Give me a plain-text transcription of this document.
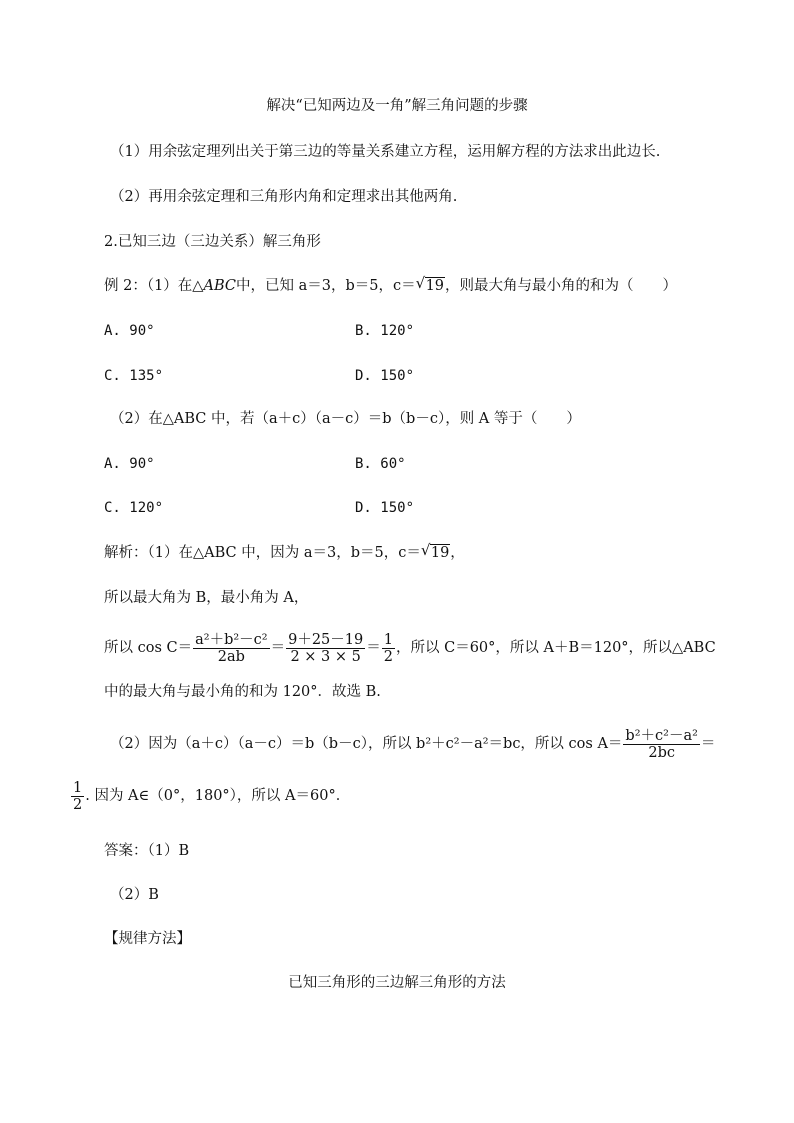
解决“已知两边及一角”解三角问题的步骤
（1）用余弦定理列出关于第三边的等量关系建立方程，运用解方程的方法求出此边长.
（2）再用余弦定理和三角形内角和定理求出其他两角.
2.已知三边（三边关系）解三角形
例 2：（1）在△ABC中，已知 a＝3，b＝5，c＝ √ 19，则最大角与最小角的和为（　　）
A. 90°	B. 120°
C. 135°	D. 150°
（2）在△ABC 中，若（a＋c）（a－c）＝b（b－c），则 A 等于（　　）
A. 90°	B. 60°
C. 120°	D. 150°
解析：（1）在△ABC 中，因为 a＝3，b＝5，c＝ √ 19，
所以最大角为 B，最小角为 A，
所以 $\cos C= \frac{\text{a²＋b²－c²}}{2ab} = \frac{9+25-19}{2 \times 3 \times 5} = \frac{1}{2}$ ，所以 C＝60°，所以 A＋B＝120°，所以△ABC
中的最大角与最小角的和为 120°．故选 B.
（2）因为（a＋c）（a－c）＝b（b－c），所以 b²＋c²－a²＝bc，所以 $\cos A= \frac{\text{b²＋c²－a²}}{2bc}$ ＝
$\frac{1}{2}$ . 因为 A∈（0°，180°），所以 A＝60°．
答案：（1）B
（2）B
【规律方法】
已知三角形的三边解三角形的方法
